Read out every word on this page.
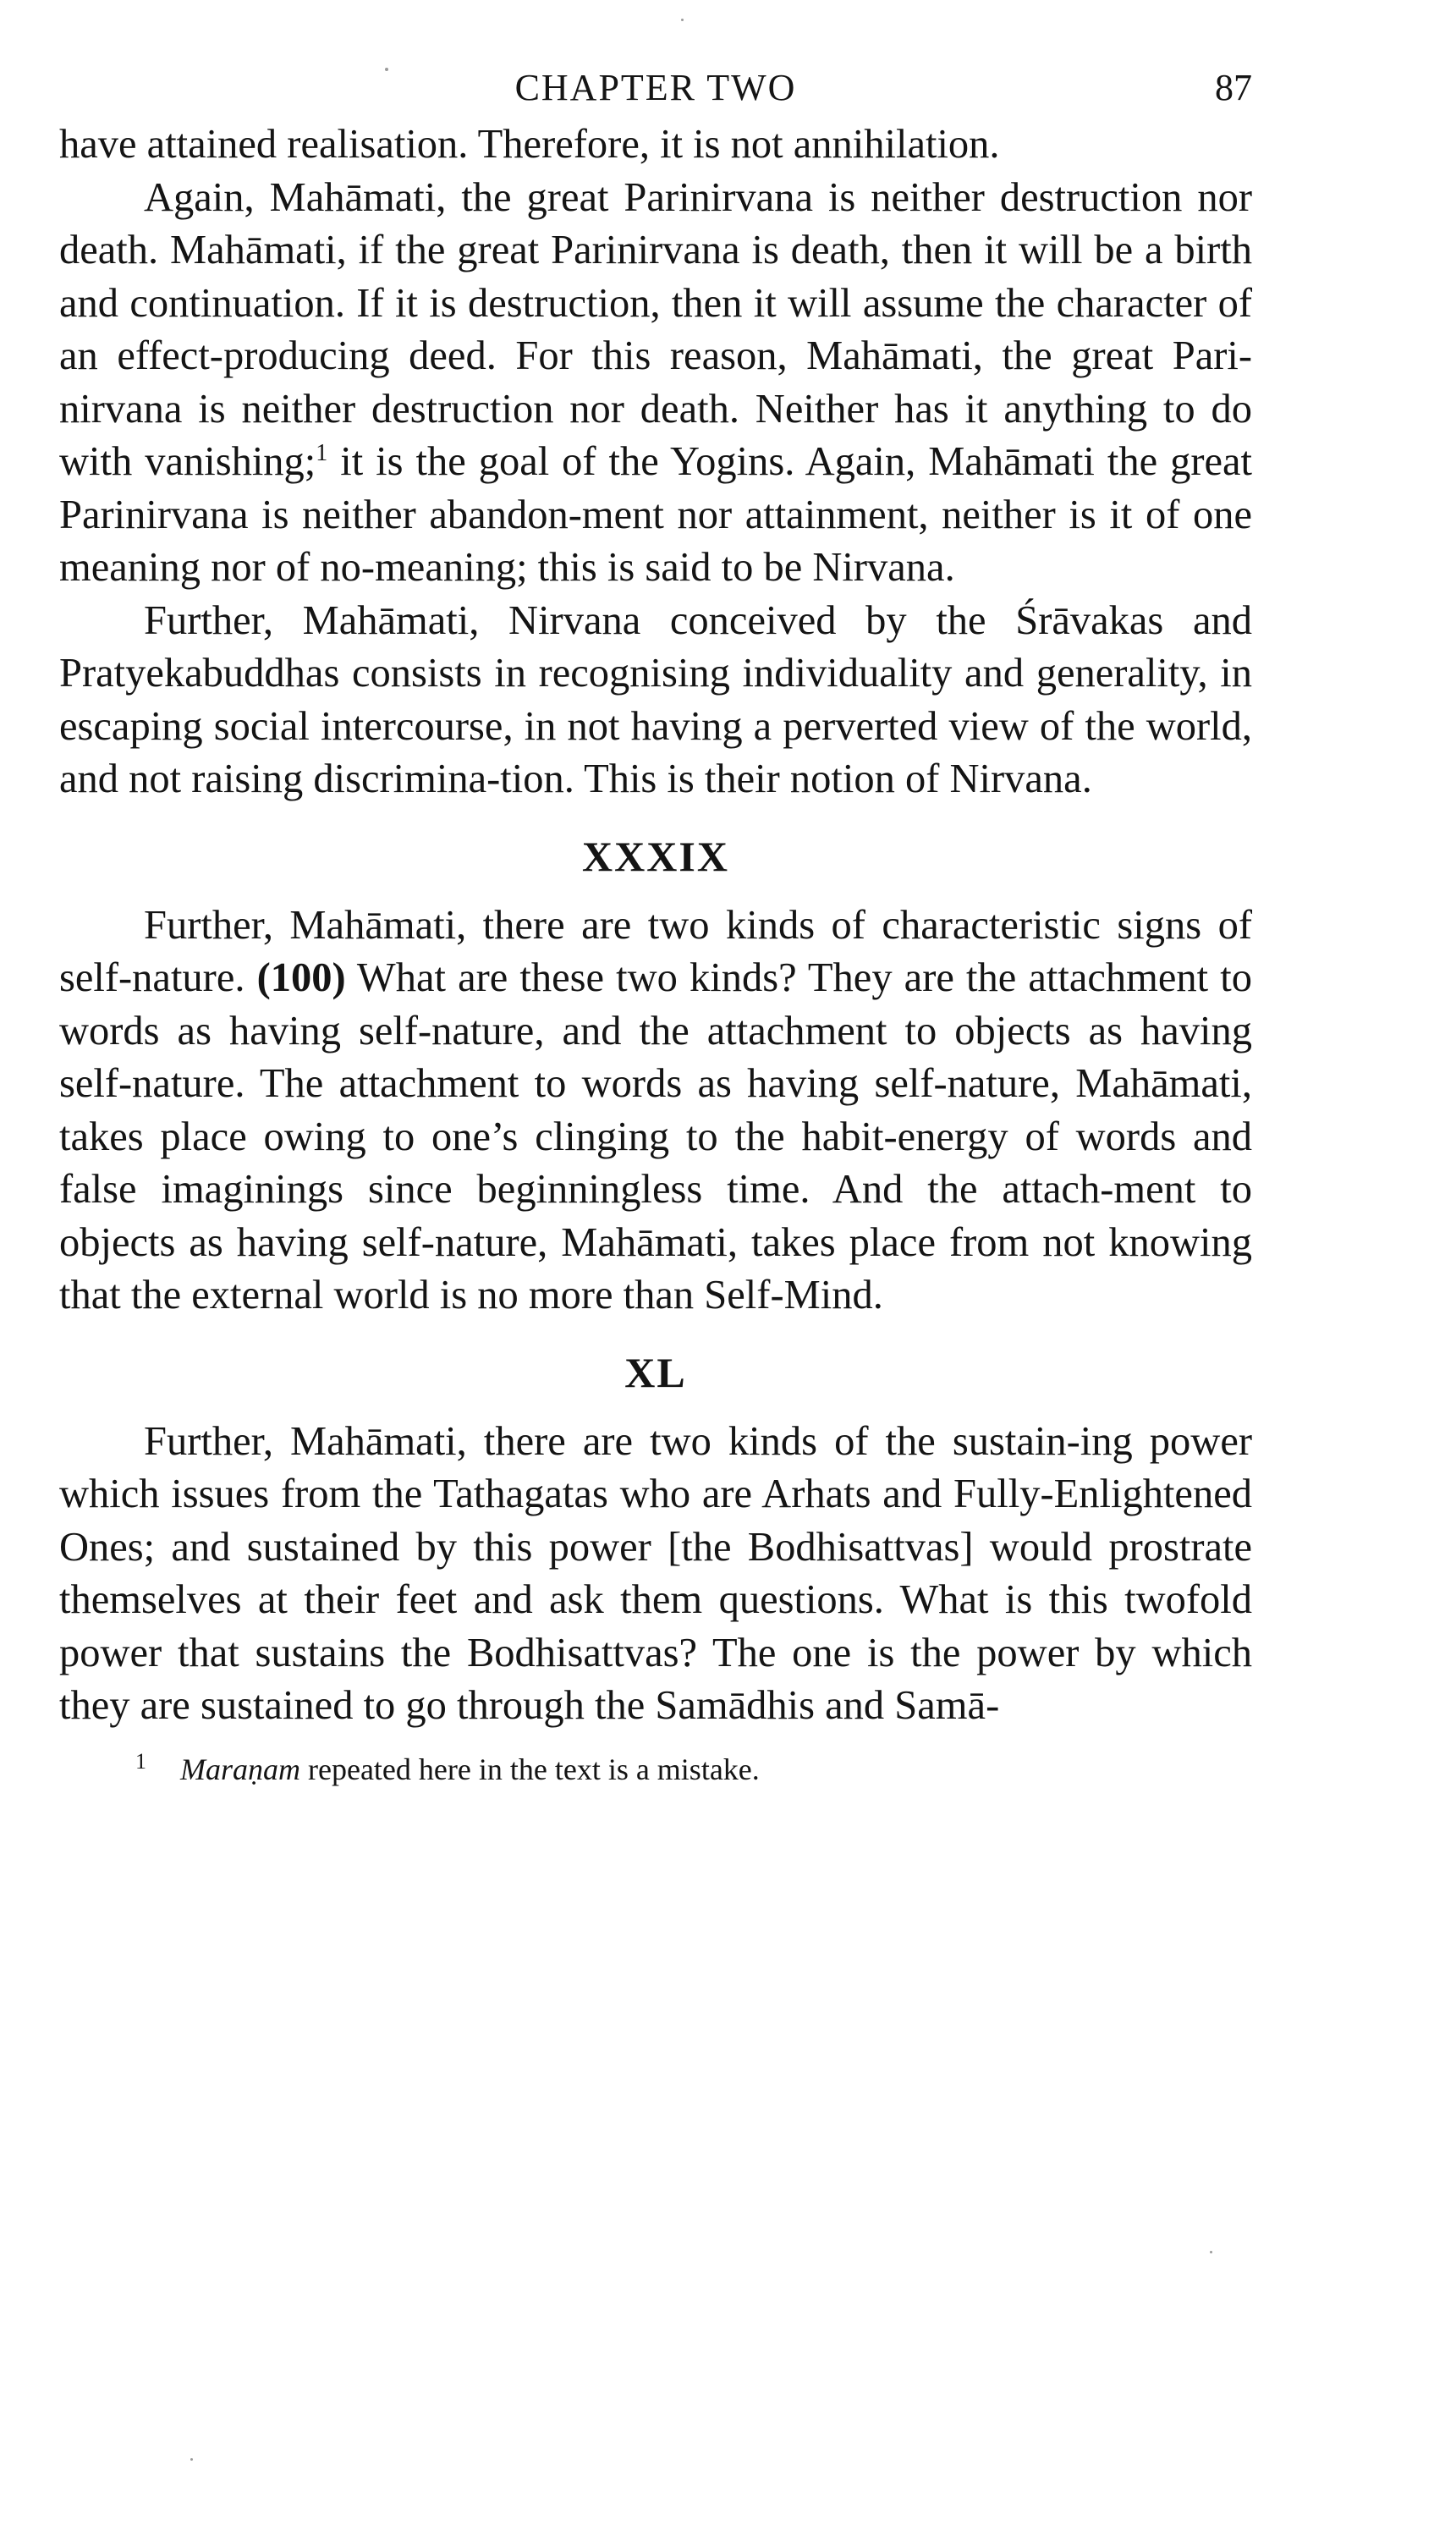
CHAPTER TWO	87

have attained realisation. Therefore, it is not annihilation.

Again, Mahāmati, the great Parinirvana is neither destruction nor death. Mahāmati, if the great Parinirvana is death, then it will be a birth and continuation. If it is destruction, then it will assume the character of an effect-producing deed. For this reason, Mahāmati, the great Pari-nirvana is neither destruction nor death. Neither has it anything to do with vanishing;$^1$ it is the goal of the Yogins. Again, Mahāmati the great Parinirvana is neither abandon-ment nor attainment, neither is it of one meaning nor of no-meaning; this is said to be Nirvana.

Further, Mahāmati, Nirvana conceived by the Śrāvakas and Pratyekabuddhas consists in recognising individuality and generality, in escaping social intercourse, in not having a perverted view of the world, and not raising discrimina-tion. This is their notion of Nirvana.

XXXIX

Further, Mahāmati, there are two kinds of characteristic signs of self-nature. (100) What are these two kinds? They are the attachment to words as having self-nature, and the attachment to objects as having self-nature. The attachment to words as having self-nature, Mahāmati, takes place owing to one’s clinging to the habit-energy of words and false imaginings since beginningless time. And the attach-ment to objects as having self-nature, Mahāmati, takes place from not knowing that the external world is no more than Self-Mind.

XL

Further, Mahāmati, there are two kinds of the sustain-ing power which issues from the Tathagatas who are Arhats and Fully-Enlightened Ones; and sustained by this power [the Bodhisattvas] would prostrate themselves at their feet and ask them questions. What is this twofold power that sustains the Bodhisattvas? The one is the power by which they are sustained to go through the Samādhis and Samā-

$^1$ Maraṇam repeated here in the text is a mistake.
